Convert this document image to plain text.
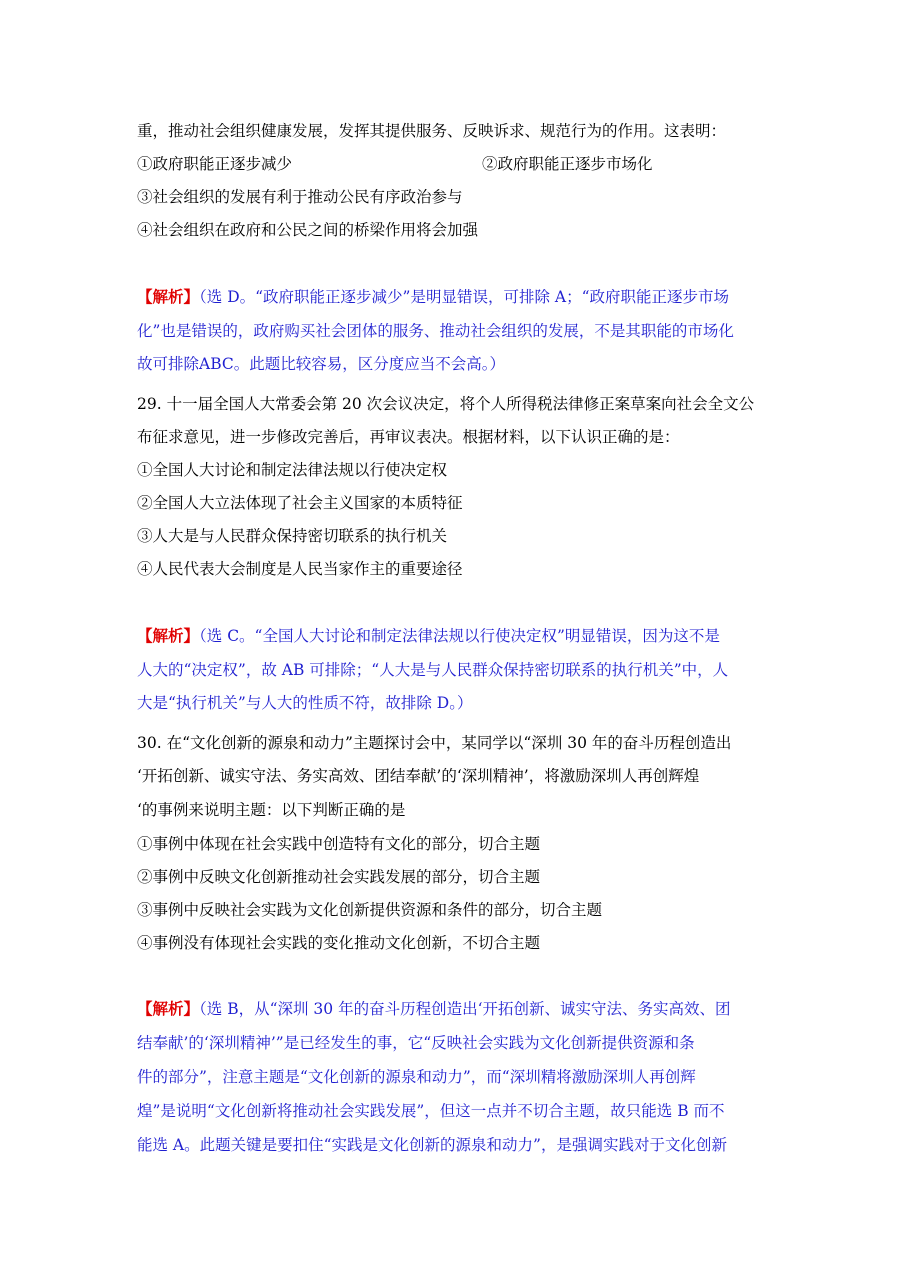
重，推动社会组织健康发展，发挥其提供服务、反映诉求、规范行为的作用。这表明：
①政府职能正逐步减少	②政府职能正逐步市场化
③社会组织的发展有利于推动公民有序政治参与
④社会组织在政府和公民之间的桥梁作用将会加强
【解析】（选 D。“政府职能正逐步减少”是明显错误，可排除 A；“政府职能正逐步市场
化”也是错误的，政府购买社会团体的服务、推动社会组织的发展，不是其职能的市场化
故可排除ABC。此题比较容易，区分度应当不会高。）
29. 十一届全国人大常委会第 20 次会议决定，将个人所得税法律修正案草案向社会全文公
布征求意见，进一步修改完善后，再审议表决。根据材料，以下认识正确的是：
①全国人大讨论和制定法律法规以行使决定权
②全国人大立法体现了社会主义国家的本质特征
③人大是与人民群众保持密切联系的执行机关
④人民代表大会制度是人民当家作主的重要途径
【解析】（选 C。“全国人大讨论和制定法律法规以行使决定权”明显错误，因为这不是
人大的“决定权”，故 AB 可排除；“人大是与人民群众保持密切联系的执行机关”中，人
大是“执行机关”与人大的性质不符，故排除 D。）
30. 在“文化创新的源泉和动力”主题探讨会中，某同学以“深圳 30 年的奋斗历程创造出
‘开拓创新、诚实守法、务实高效、团结奉献’的‘深圳精神’，将激励深圳人再创辉煌
‘的事例来说明主题：以下判断正确的是
①事例中体现在社会实践中创造特有文化的部分，切合主题
②事例中反映文化创新推动社会实践发展的部分，切合主题
③事例中反映社会实践为文化创新提供资源和条件的部分，切合主题
④事例没有体现社会实践的变化推动文化创新，不切合主题
【解析】（选 B，从“深圳 30 年的奋斗历程创造出‘开拓创新、诚实守法、务实高效、团
结奉献’的‘深圳精神’”是已经发生的事，它“反映社会实践为文化创新提供资源和条
件的部分”，注意主题是“文化创新的源泉和动力”，而“深圳精将激励深圳人再创辉
煌”是说明“文化创新将推动社会实践发展”，但这一点并不切合主题，故只能选 B 而不
能选 A。此题关键是要扣住“实践是文化创新的源泉和动力”，是强调实践对于文化创新
